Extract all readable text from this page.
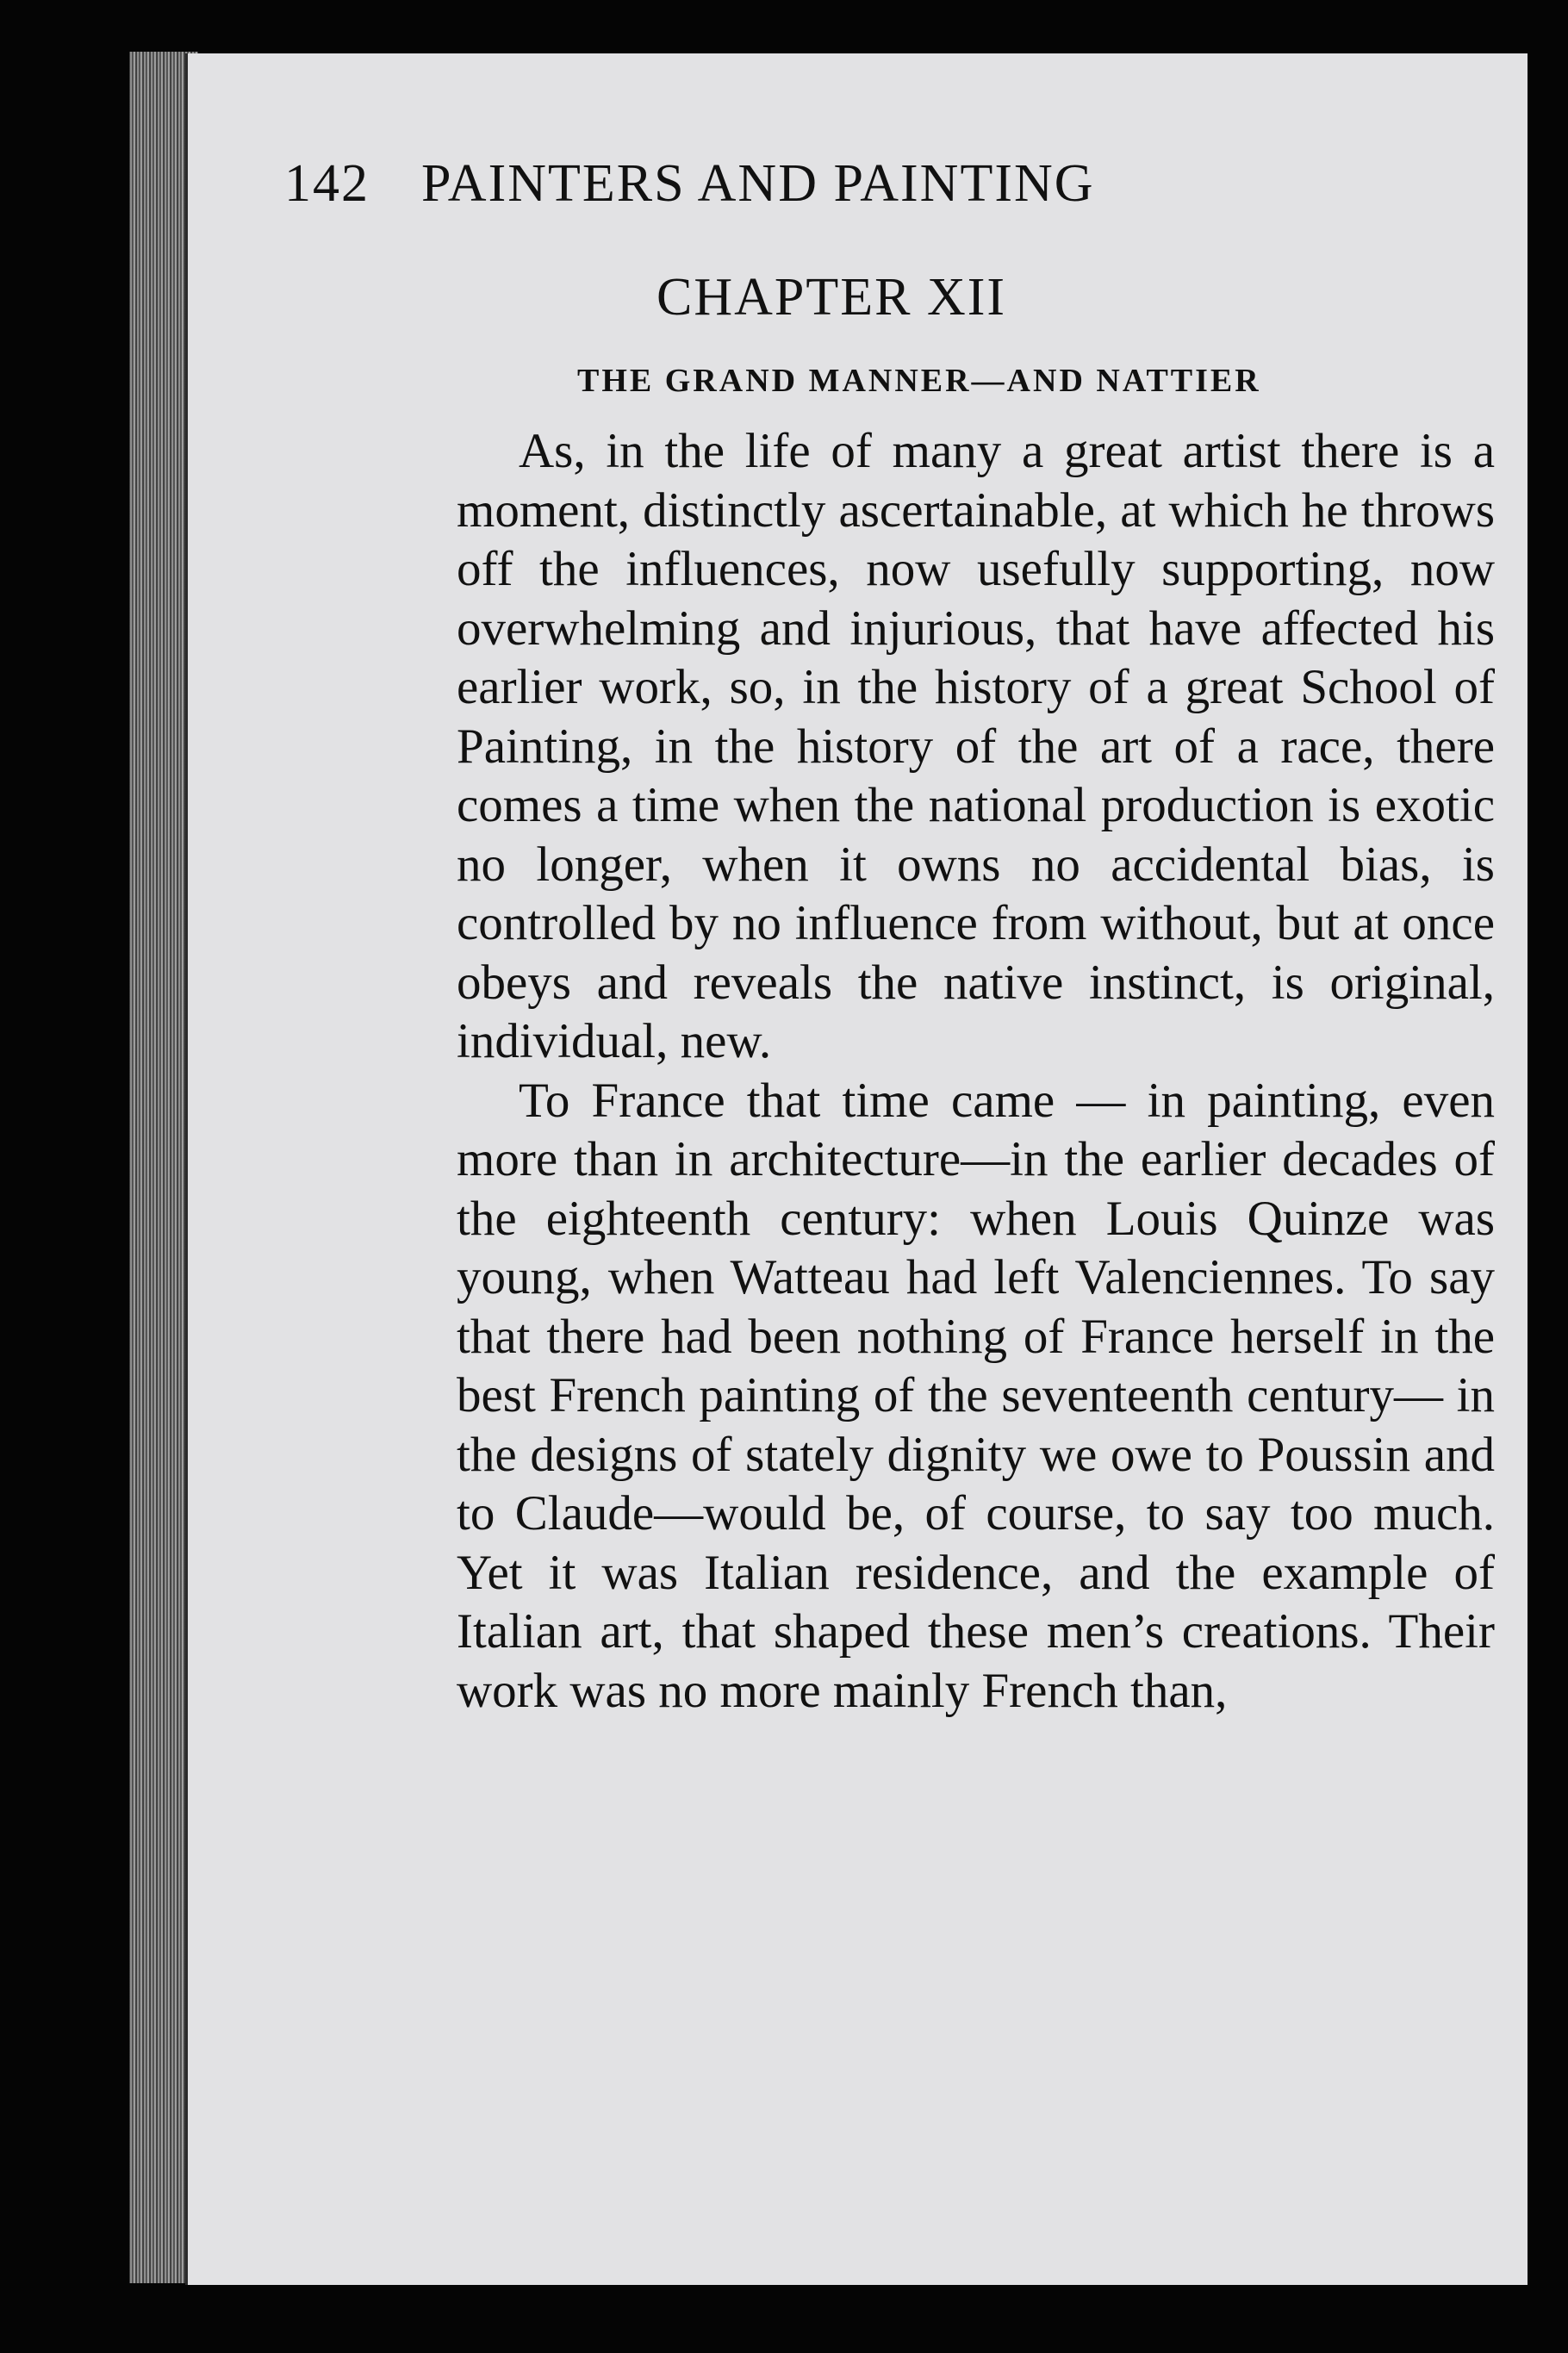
142 PAINTERS AND PAINTING
CHAPTER XII
THE GRAND MANNER—AND NATTIER

As, in the life of many a great artist there is a moment, distinctly ascertainable, at which he throws off the influences, now usefully supporting, now overwhelming and injurious, that have affected his earlier work, so, in the history of a great School of Painting, in the history of the art of a race, there comes a time when the national production is exotic no longer, when it owns no accidental bias, is controlled by no influence from without, but at once obeys and reveals the native instinct, is original, individual, new.

To France that time came — in painting, even more than in architecture—in the earlier decades of the eighteenth century: when Louis Quinze was young, when Watteau had left Valenciennes. To say that there had been nothing of France herself in the best French painting of the seventeenth century— in the designs of stately dignity we owe to Poussin and to Claude—would be, of course, to say too much. Yet it was Italian residence, and the example of Italian art, that shaped these men’s creations. Their work was no more mainly French than,
